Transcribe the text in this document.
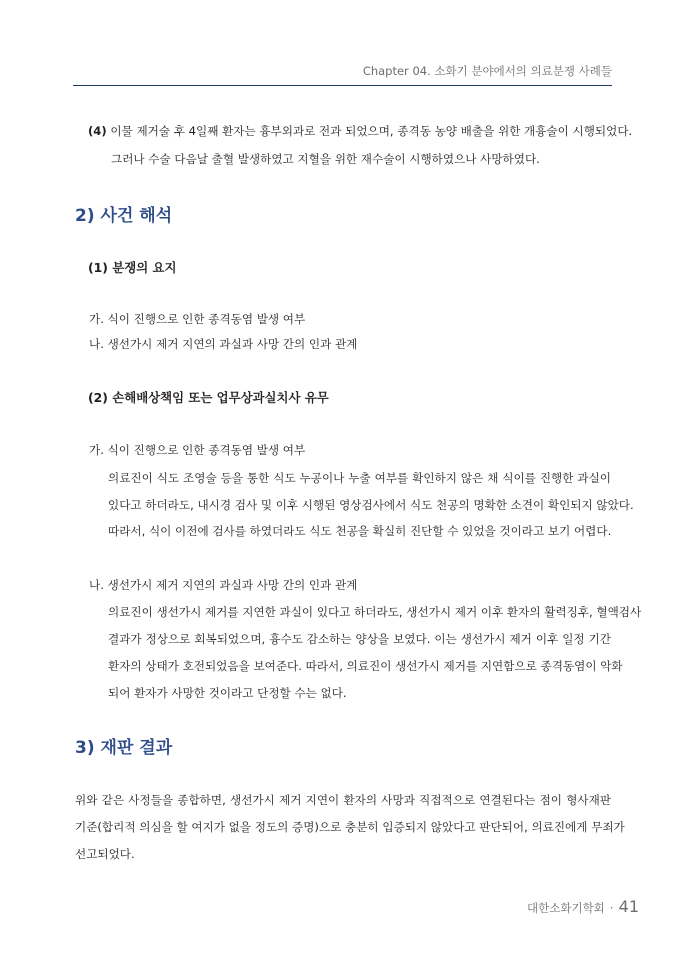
Chapter 04. 소화기 분야에서의 의료분쟁 사례들
(4) 이물 제거술 후 4일째 환자는 흉부외과로 전과 되었으며, 종격동 농양 배출을 위한 개흉술이 시행되었다.
그러나 수술 다음날 출혈 발생하였고 지혈을 위한 재수술이 시행하였으나 사망하였다.
2) 사건 해석
(1) 분쟁의 요지
가. 식이 진행으로 인한 종격동염 발생 여부
나. 생선가시 제거 지연의 과실과 사망 간의 인과 관계
(2) 손해배상책임 또는 업무상과실치사 유무
가. 식이 진행으로 인한 종격동염 발생 여부
의료진이 식도 조영술 등을 통한 식도 누공이나 누출 여부를 확인하지 않은 채 식이를 진행한 과실이
있다고 하더라도, 내시경 검사 및 이후 시행된 영상검사에서 식도 천공의 명확한 소견이 확인되지 않았다.
따라서, 식이 이전에 검사를 하였더라도 식도 천공을 확실히 진단할 수 있었을 것이라고 보기 어렵다.
나. 생선가시 제거 지연의 과실과 사망 간의 인과 관계
의료진이 생선가시 제거를 지연한 과실이 있다고 하더라도, 생선가시 제거 이후 환자의 활력징후, 혈액검사
결과가 정상으로 회복되었으며, 흉수도 감소하는 양상을 보였다. 이는 생선가시 제거 이후 일정 기간
환자의 상태가 호전되었음을 보여준다. 따라서, 의료진이 생선가시 제거를 지연함으로 종격동염이 악화
되어 환자가 사망한 것이라고 단정할 수는 없다.
3) 재판 결과
위와 같은 사정들을 종합하면, 생선가시 제거 지연이 환자의 사망과 직접적으로 연결된다는 점이 형사재판
기준(합리적 의심을 할 여지가 없을 정도의 증명)으로 충분히 입증되지 않았다고 판단되어, 의료진에게 무죄가
선고되었다.
대한소화기학회 · 41
